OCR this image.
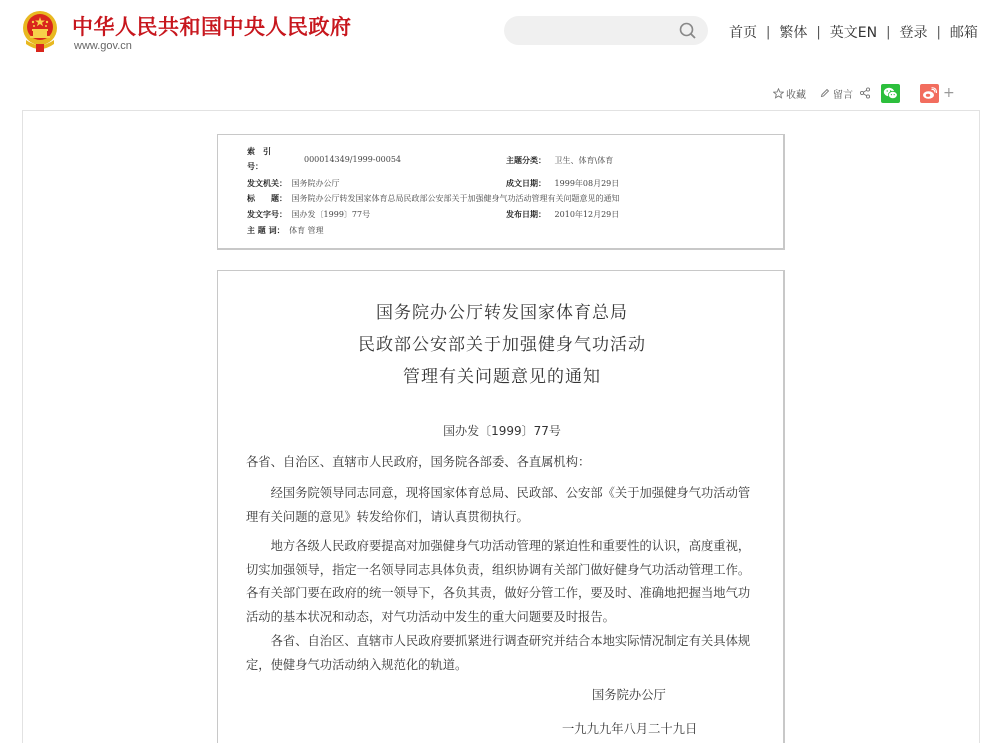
中华人民共和国中央人民政府
www.gov.cn
首页 | 繁体 | 英文EN | 登录 | 邮箱
收藏	留言	+
索　引
号：
000014349/1999-00054	主题分类： 卫生、体育\体育
发文机关： 国务院办公厅	成文日期： 1999年08月29日
标　　题： 国务院办公厅转发国家体育总局民政部公安部关于加强健身气功活动管理有关问题意见的通知
发文字号： 国办发〔1999〕77号	发布日期： 2010年12月29日
主 题 词： 体育 管理
国务院办公厅转发国家体育总局
民政部公安部关于加强健身气功活动
管理有关问题意见的通知
国办发〔1999〕77号
各省、自治区、直辖市人民政府，国务院各部委、各直属机构：
经国务院领导同志同意，现将国家体育总局、民政部、公安部《关于加强健身气功活动管理有关问题的意见》转发给你们，请认真贯彻执行。
地方各级人民政府要提高对加强健身气功活动管理的紧迫性和重要性的认识，高度重视，切实加强领导，指定一名领导同志具体负责，组织协调有关部门做好健身气功活动管理工作。各有关部门要在政府的统一领导下，各负其责，做好分管工作，要及时、准确地把握当地气功活动的基本状况和动态，对气功活动中发生的重大问题要及时报告。
各省、自治区、直辖市人民政府要抓紧进行调查研究并结合本地实际情况制定有关具体规定，使健身气功活动纳入规范化的轨道。
国务院办公厅
一九九九年八月二十九日
